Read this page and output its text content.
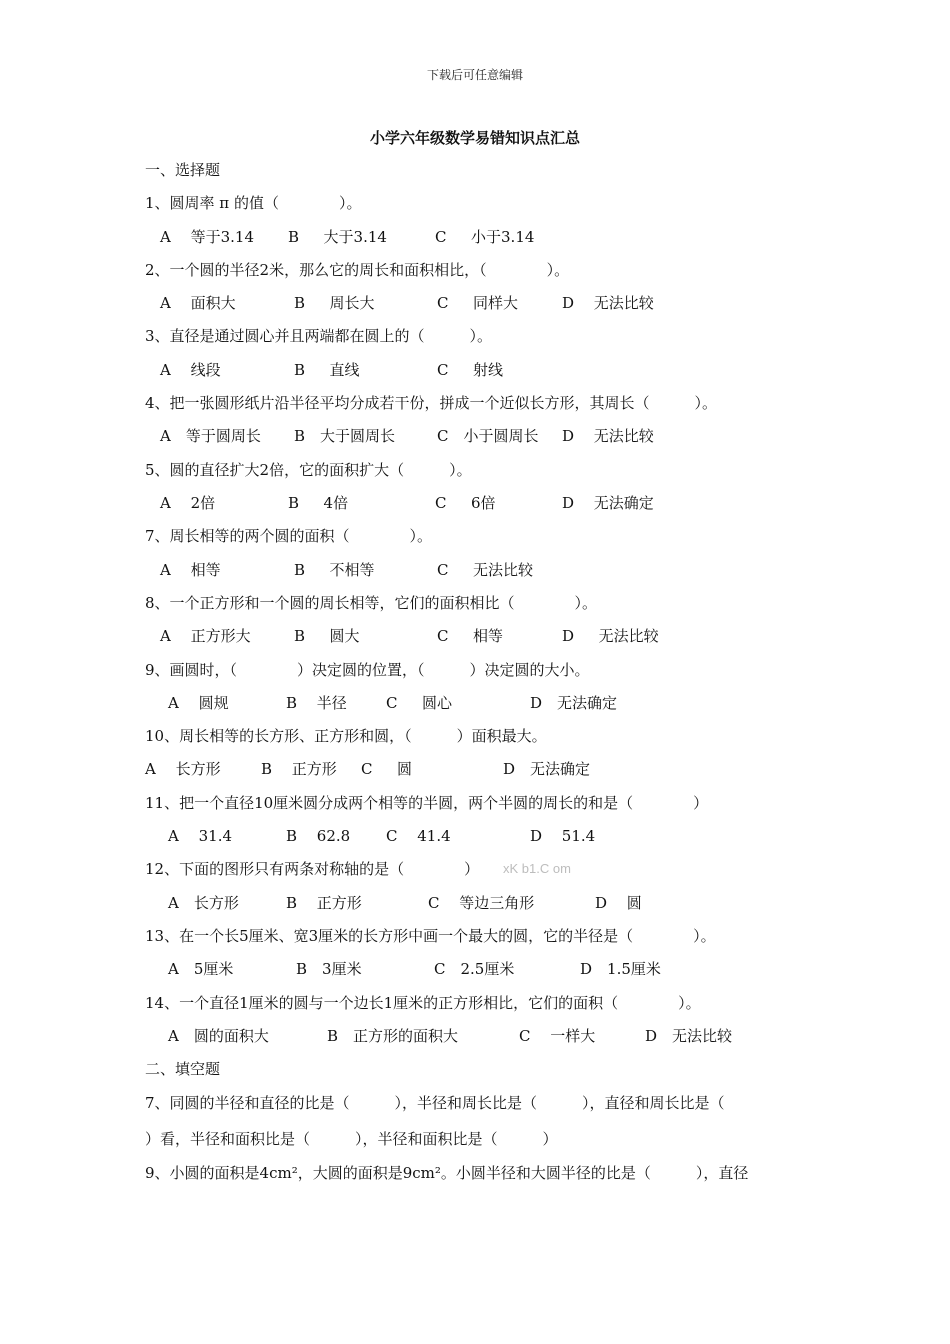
下载后可任意编辑
小学六年级数学易错知识点汇总
一、选择题
1、圆周率 π 的值（　　　　）。
A　 等于3.14 B　  大于3.14	C　  小于3.14
2、一个圆的半径2米，那么它的周长和面积相比，（　　　　）。
A　 面积大	B　  周长大	C　  同样大	D　 无法比较
3、直径是通过圆心并且两端都在圆上的（　　　）。
A　 线段	B　  直线	C　  射线
4、把一张圆形纸片沿半径平均分成若干份，拼成一个近似长方形，其周长（　　　）。
A　等于圆周长 B　大于圆周长	C　小于圆周长 D　 无法比较
5、圆的直径扩大2倍，它的面积扩大（　　　）。
A　 2倍	B　  4倍	C　  6倍	D　 无法确定
7、周长相等的两个圆的面积（　　　　）。
A　 相等	B　  不相等	C　  无法比较
8、一个正方形和一个圆的周长相等，它们的面积相比（　　　　）。
A　 正方形大	B　  圆大	C　  相等	D　  无法比较
9、画圆时，（　　　　）决定圆的位置，（　　　）决定圆的大小。
A　 圆规	B　 半径	C　  圆心	D　无法确定
10、周长相等的长方形、正方形和圆，（　　　）面积最大。
A　 长方形	B　 正方形 C　  圆	D　无法确定
11、把一个直径10厘米圆分成两个相等的半圆，两个半圆的周长的和是（　　　　）
A　 31.4	B　 62.8 C　 41.4	D　 51.4
12、下面的图形只有两条对称轴的是（　　　　） xK b1.C om
A　长方形	B　 正方形	C　 等边三角形	D　 圆
13、在一个长5厘米、宽3厘米的长方形中画一个最大的圆，它的半径是（　　　　）。
A　5厘米	B　3厘米	C　2.5厘米	D　1.5厘米
14、一个直径1厘米的圆与一个边长1厘米的正方形相比，它们的面积（　　　　）。
A　圆的面积大	B　正方形的面积大	C　 一样大	D　无法比较
二、填空题
7、同圆的半径和直径的比是（　　　），半径和周长比是（　　　），直径和周长比是（
）看，半径和面积比是（　　　），半径和面积比是（　　　）
9、小圆的面积是4cm²，大圆的面积是9cm²。小圆半径和大圆半径的比是（　　　），直径
